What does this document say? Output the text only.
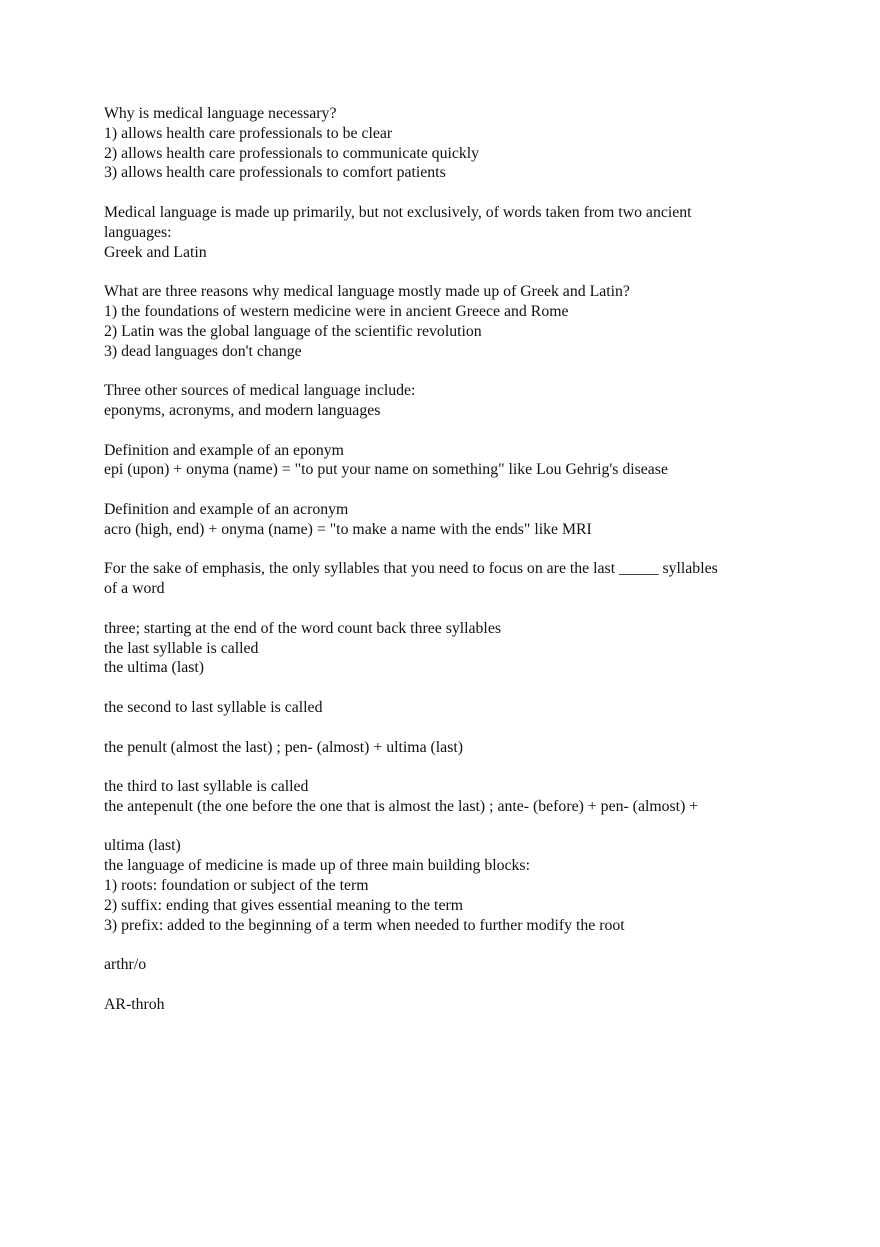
Why is medical language necessary?
1) allows health care professionals to be clear
2) allows health care professionals to communicate quickly
3) allows health care professionals to comfort patients
Medical language is made up primarily, but not exclusively, of words taken from two ancient
languages:
Greek and Latin
What are three reasons why medical language mostly made up of Greek and Latin?
1) the foundations of western medicine were in ancient Greece and Rome
2) Latin was the global language of the scientific revolution
3) dead languages don't change
Three other sources of medical language include:
eponyms, acronyms, and modern languages
Definition and example of an eponym
epi (upon) + onyma (name) = "to put your name on something" like Lou Gehrig's disease
Definition and example of an acronym
acro (high, end) + onyma (name) = "to make a name with the ends" like MRI
For the sake of emphasis, the only syllables that you need to focus on are the last _____ syllables
of a word
three; starting at the end of the word count back three syllables
the last syllable is called
the ultima (last)
the second to last syllable is called
the penult (almost the last) ; pen- (almost) + ultima (last)
the third to last syllable is called
the antepenult (the one before the one that is almost the last) ; ante- (before) + pen- (almost) +
ultima (last)
the language of medicine is made up of three main building blocks:
1) roots: foundation or subject of the term
2) suffix: ending that gives essential meaning to the term
3) prefix: added to the beginning of a term when needed to further modify the root
arthr/o
AR-throh
